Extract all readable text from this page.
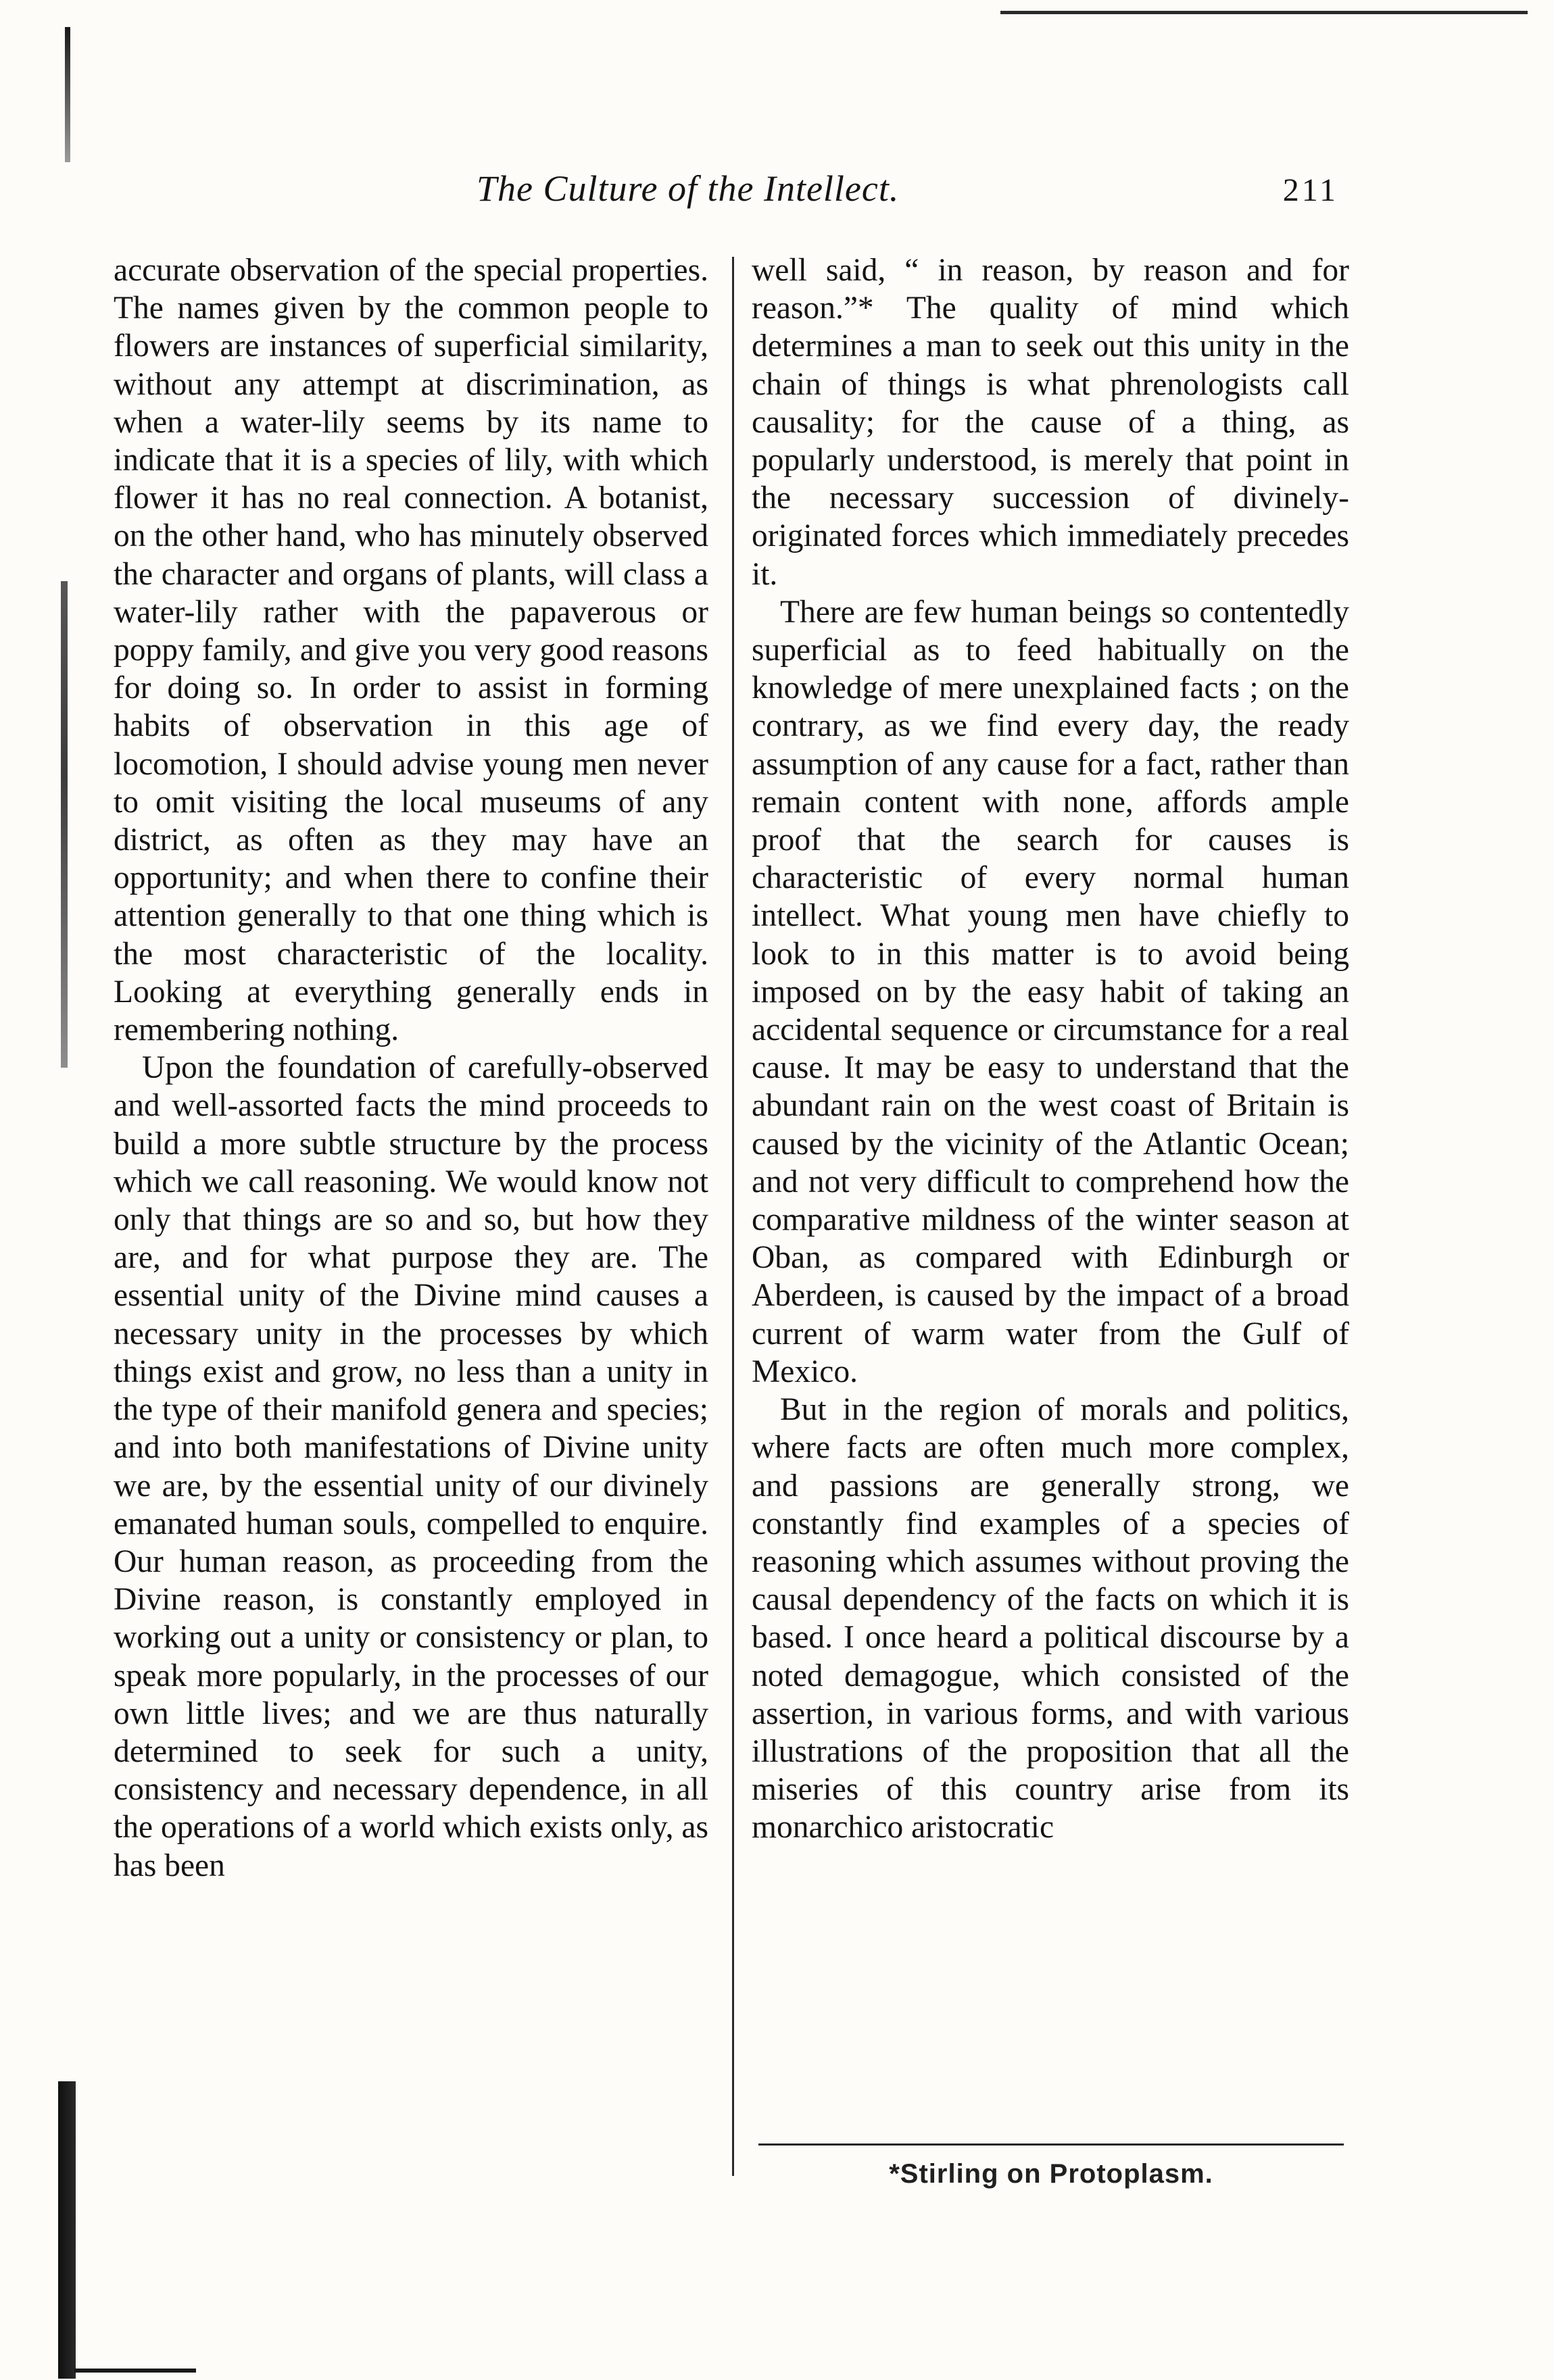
The Culture of the Intellect.	211

accurate observation of the special properties. The names given by the common people to flowers are instances of superficial similarity, without any attempt at discrimination, as when a water-lily seems by its name to indicate that it is a species of lily, with which flower it has no real connection. A botanist, on the other hand, who has minutely observed the character and organs of plants, will class a water-lily rather with the papaverous or poppy family, and give you very good reasons for doing so. In order to assist in forming habits of observation in this age of locomotion, I should advise young men never to omit visiting the local museums of any district, as often as they may have an opportunity; and when there to confine their attention generally to that one thing which is the most characteristic of the locality. Looking at everything generally ends in remembering nothing.

Upon the foundation of carefully-observed and well-assorted facts the mind proceeds to build a more subtle structure by the process which we call reasoning. We would know not only that things are so and so, but how they are, and for what purpose they are. The essential unity of the Divine mind causes a necessary unity in the processes by which things exist and grow, no less than a unity in the type of their manifold genera and species; and into both manifestations of Divine unity we are, by the essential unity of our divinely emanated human souls, compelled to enquire. Our human reason, as proceeding from the Divine reason, is constantly employed in working out a unity or consistency or plan, to speak more popularly, in the processes of our own little lives; and we are thus naturally determined to seek for such a unity, consistency and necessary dependence, in all the operations of a world which exists only, as has been

well said, “ in reason, by reason and for reason.”* The quality of mind which determines a man to seek out this unity in the chain of things is what phrenologists call causality; for the cause of a thing, as popularly understood, is merely that point in the necessary succession of divinely-originated forces which immediately precedes it.

There are few human beings so contentedly superficial as to feed habitually on the knowledge of mere unexplained facts ; on the contrary, as we find every day, the ready assumption of any cause for a fact, rather than remain content with none, affords ample proof that the search for causes is characteristic of every normal human intellect. What young men have chiefly to look to in this matter is to avoid being imposed on by the easy habit of taking an accidental sequence or circumstance for a real cause. It may be easy to understand that the abundant rain on the west coast of Britain is caused by the vicinity of the Atlantic Ocean; and not very difficult to comprehend how the comparative mildness of the winter season at Oban, as compared with Edinburgh or Aberdeen, is caused by the impact of a broad current of warm water from the Gulf of Mexico.

But in the region of morals and politics, where facts are often much more complex, and passions are generally strong, we constantly find examples of a species of reasoning which assumes without proving the causal dependency of the facts on which it is based. I once heard a political discourse by a noted demagogue, which consisted of the assertion, in various forms, and with various illustrations of the proposition that all the miseries of this country arise from its monarchico aristocratic

*Stirling on Protoplasm.
